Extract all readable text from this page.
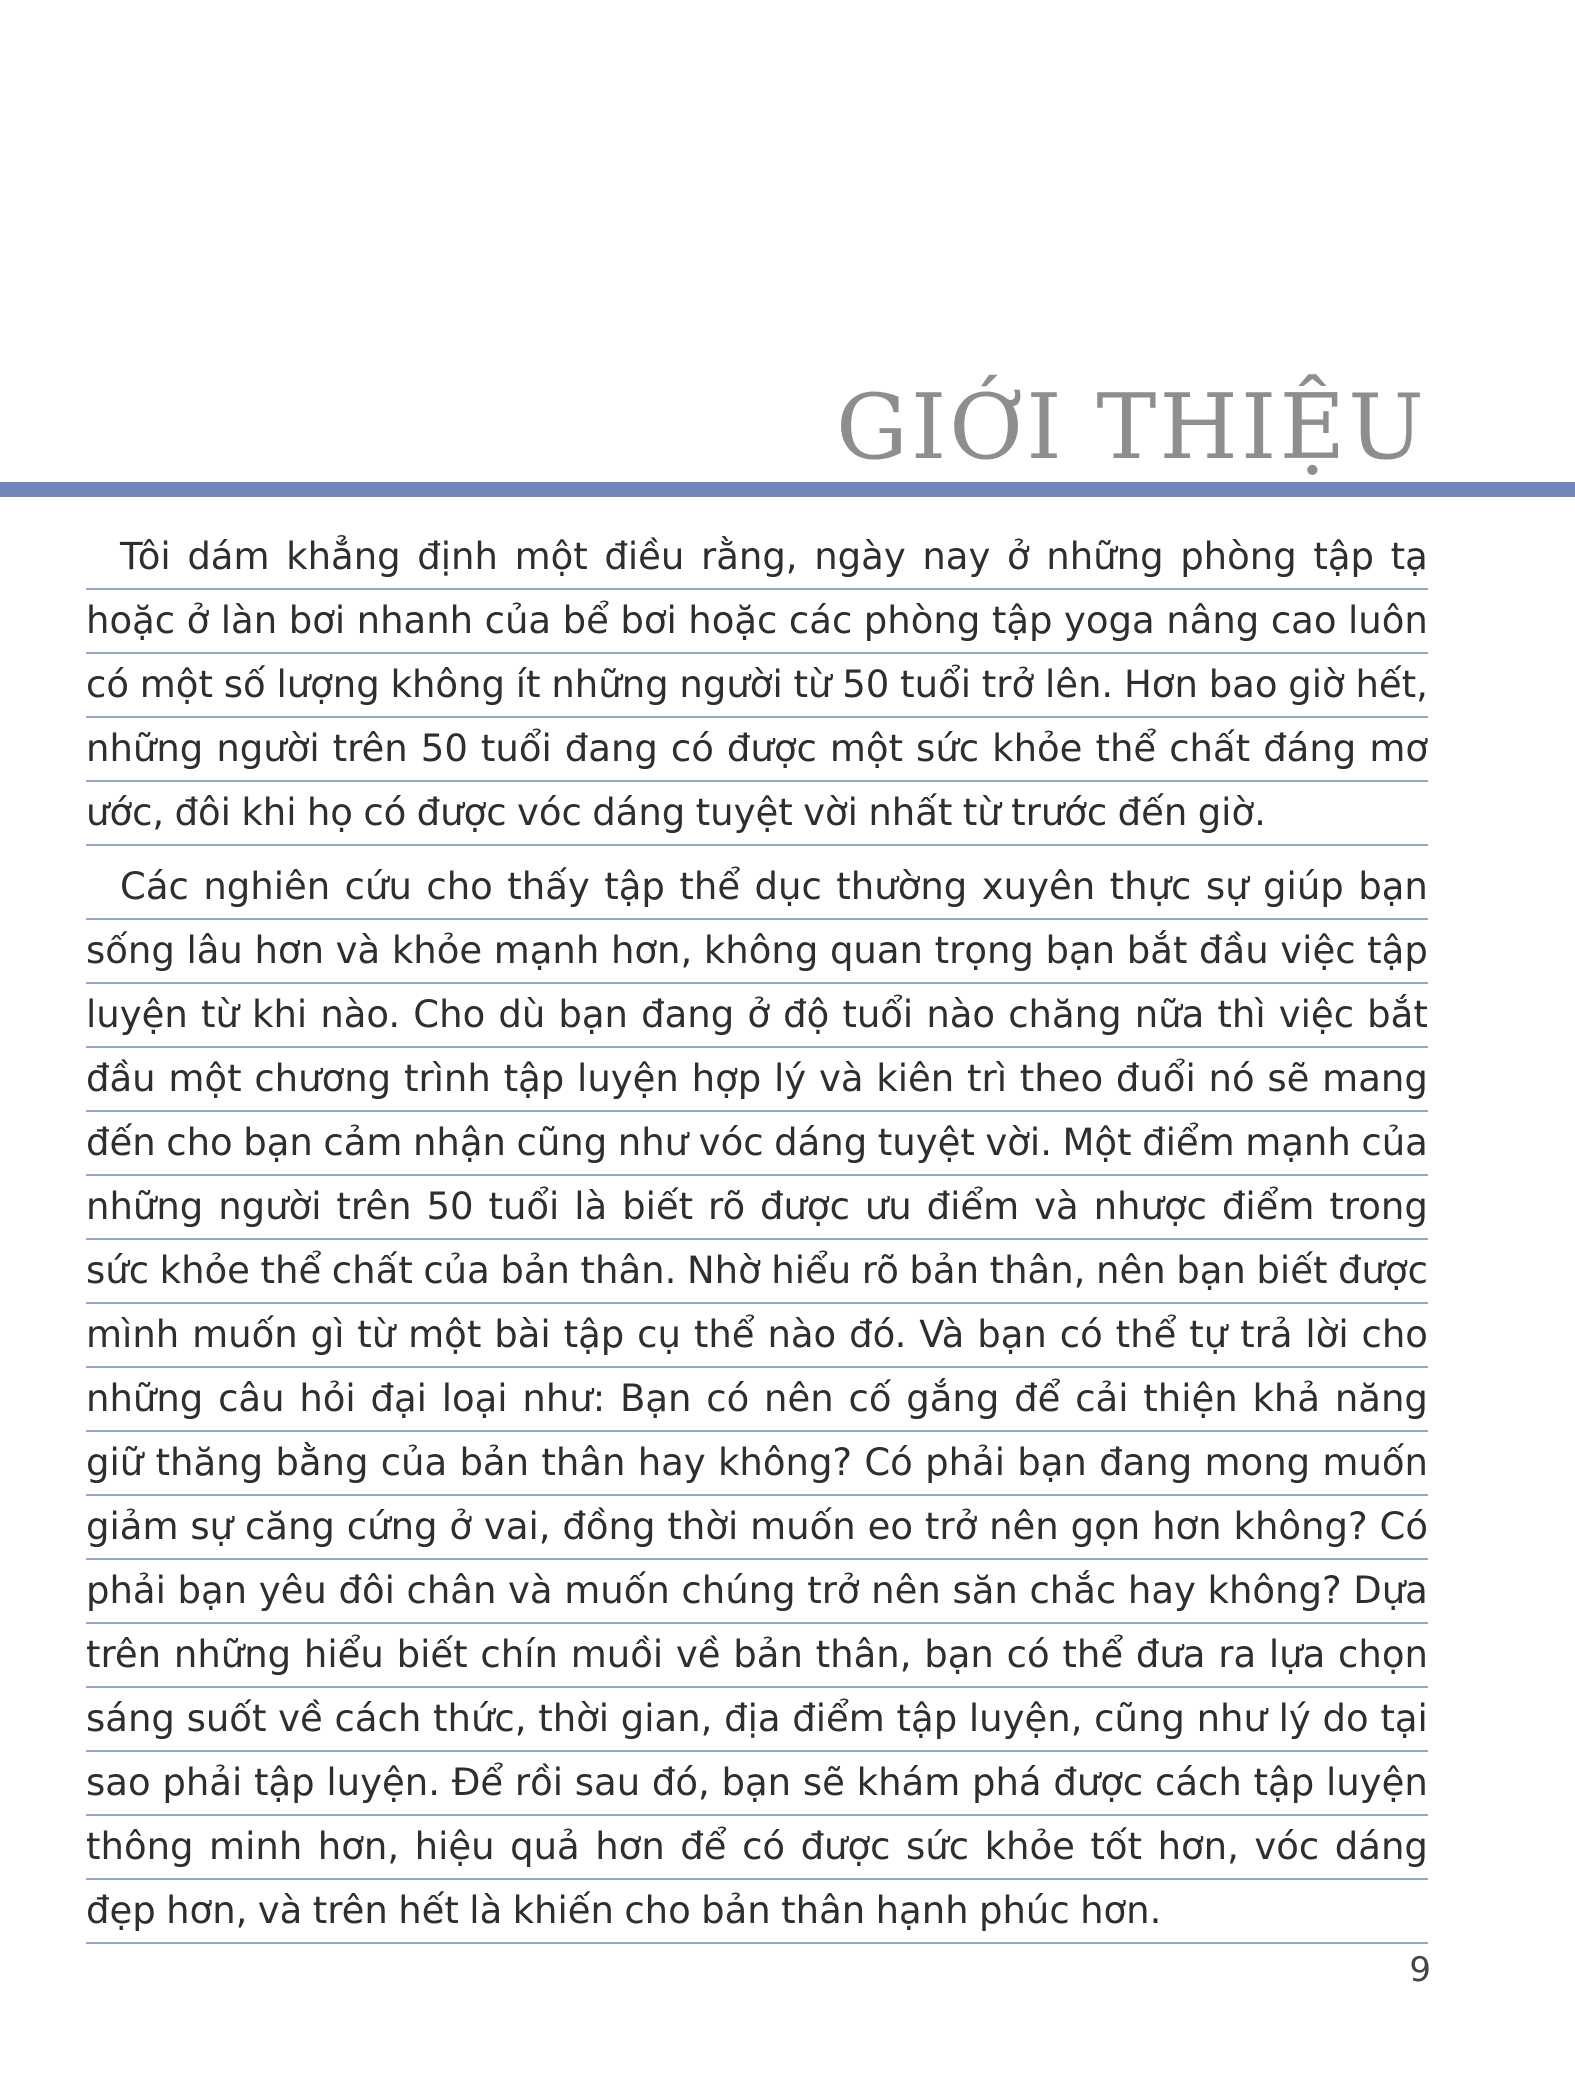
GIỚI THIỆU
Tôi dám khẳng định một điều rằng, ngày nay ở những phòng tập tạ
hoặc ở làn bơi nhanh của bể bơi hoặc các phòng tập yoga nâng cao luôn
có một số lượng không ít những người từ 50 tuổi trở lên. Hơn bao giờ hết,
những người trên 50 tuổi đang có được một sức khỏe thể chất đáng mơ
ước, đôi khi họ có được vóc dáng tuyệt vời nhất từ trước đến giờ.
Các nghiên cứu cho thấy tập thể dục thường xuyên thực sự giúp bạn
sống lâu hơn và khỏe mạnh hơn, không quan trọng bạn bắt đầu việc tập
luyện từ khi nào. Cho dù bạn đang ở độ tuổi nào chăng nữa thì việc bắt
đầu một chương trình tập luyện hợp lý và kiên trì theo đuổi nó sẽ mang
đến cho bạn cảm nhận cũng như vóc dáng tuyệt vời. Một điểm mạnh của
những người trên 50 tuổi là biết rõ được ưu điểm và nhược điểm trong
sức khỏe thể chất của bản thân. Nhờ hiểu rõ bản thân, nên bạn biết được
mình muốn gì từ một bài tập cụ thể nào đó. Và bạn có thể tự trả lời cho
những câu hỏi đại loại như: Bạn có nên cố gắng để cải thiện khả năng
giữ thăng bằng của bản thân hay không? Có phải bạn đang mong muốn
giảm sự căng cứng ở vai, đồng thời muốn eo trở nên gọn hơn không? Có
phải bạn yêu đôi chân và muốn chúng trở nên săn chắc hay không? Dựa
trên những hiểu biết chín muồi về bản thân, bạn có thể đưa ra lựa chọn
sáng suốt về cách thức, thời gian, địa điểm tập luyện, cũng như lý do tại
sao phải tập luyện. Để rồi sau đó, bạn sẽ khám phá được cách tập luyện
thông minh hơn, hiệu quả hơn để có được sức khỏe tốt hơn, vóc dáng
đẹp hơn, và trên hết là khiến cho bản thân hạnh phúc hơn.
9
